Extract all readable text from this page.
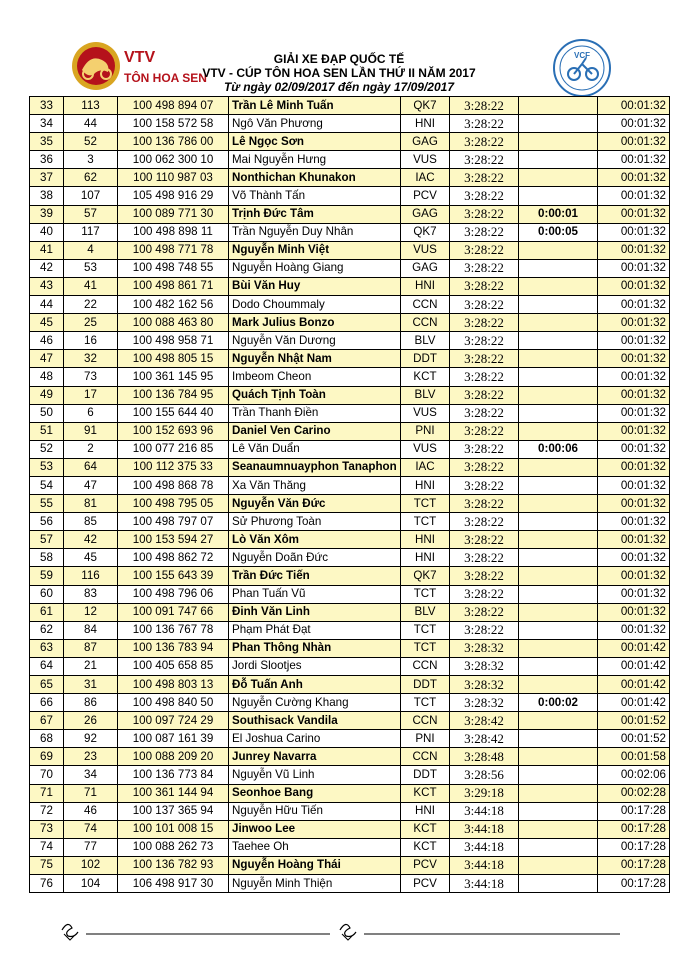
VTV
TÔN HOA SEN
GIẢI XE ĐẠP QUỐC TẾ
VTV - CÚP TÔN HOA SEN LẦN THỨ II NĂM 2017
Từ ngày 02/09/2017 đến ngày 17/09/2017
VCF
33	113	100 498 894 07	Trần Lê Minh Tuấn	QK7	3:28:22		00:01:32
34	44	100 158 572 58	Ngô Văn Phương	HNI	3:28:22		00:01:32
35	52	100 136 786 00	Lê Ngọc Sơn	GAG	3:28:22		00:01:32
36	3	100 062 300 10	Mai Nguyễn Hưng	VUS	3:28:22		00:01:32
37	62	100 110 987 03	Nonthichan Khunakon	IAC	3:28:22		00:01:32
38	107	105 498 916 29	Võ Thành Tấn	PCV	3:28:22		00:01:32
39	57	100 089 771 30	Trịnh Đức Tâm	GAG	3:28:22	0:00:01	00:01:32
40	117	100 498 898 11	Trần Nguyễn Duy Nhân	QK7	3:28:22	0:00:05	00:01:32
41	4	100 498 771 78	Nguyễn Minh Việt	VUS	3:28:22		00:01:32
42	53	100 498 748 55	Nguyễn Hoàng Giang	GAG	3:28:22		00:01:32
43	41	100 498 861 71	Bùi Văn Huy	HNI	3:28:22		00:01:32
44	22	100 482 162 56	Dodo Choummaly	CCN	3:28:22		00:01:32
45	25	100 088 463 80	Mark Julius Bonzo	CCN	3:28:22		00:01:32
46	16	100 498 958 71	Nguyễn Văn Dương	BLV	3:28:22		00:01:32
47	32	100 498 805 15	Nguyễn Nhật Nam	DDT	3:28:22		00:01:32
48	73	100 361 145 95	Imbeom Cheon	KCT	3:28:22		00:01:32
49	17	100 136 784 95	Quách Tịnh Toàn	BLV	3:28:22		00:01:32
50	6	100 155 644 40	Trần Thanh Điền	VUS	3:28:22		00:01:32
51	91	100 152 693 96	Daniel Ven Carino	PNI	3:28:22		00:01:32
52	2	100 077 216 85	Lê Văn Duẩn	VUS	3:28:22	0:00:06	00:01:32
53	64	100 112 375 33	Seanaumnuayphon Tanaphon	IAC	3:28:22		00:01:32
54	47	100 498 868 78	Xa Văn Thăng	HNI	3:28:22		00:01:32
55	81	100 498 795 05	Nguyễn Văn Đức	TCT	3:28:22		00:01:32
56	85	100 498 797 07	Sử Phương Toàn	TCT	3:28:22		00:01:32
57	42	100 153 594 27	Lò Văn Xôm	HNI	3:28:22		00:01:32
58	45	100 498 862 72	Nguyễn Doãn Đức	HNI	3:28:22		00:01:32
59	116	100 155 643 39	Trần Đức Tiến	QK7	3:28:22		00:01:32
60	83	100 498 796 06	Phan Tuấn Vũ	TCT	3:28:22		00:01:32
61	12	100 091 747 66	Đinh Văn Linh	BLV	3:28:22		00:01:32
62	84	100 136 767 78	Phạm Phát Đạt	TCT	3:28:22		00:01:32
63	87	100 136 783 94	Phan Thông Nhàn	TCT	3:28:32		00:01:42
64	21	100 405 658 85	Jordi Slootjes	CCN	3:28:32		00:01:42
65	31	100 498 803 13	Đỗ Tuấn Anh	DDT	3:28:32		00:01:42
66	86	100 498 840 50	Nguyễn Cường Khang	TCT	3:28:32	0:00:02	00:01:42
67	26	100 097 724 29	Southisack Vandila	CCN	3:28:42		00:01:52
68	92	100 087 161 39	El Joshua Carino	PNI	3:28:42		00:01:52
69	23	100 088 209 20	Junrey Navarra	CCN	3:28:48		00:01:58
70	34	100 136 773 84	Nguyễn Vũ Linh	DDT	3:28:56		00:02:06
71	71	100 361 144 94	Seonhoe Bang	KCT	3:29:18		00:02:28
72	46	100 137 365 94	Nguyễn Hữu Tiến	HNI	3:44:18		00:17:28
73	74	100 101 008 15	Jinwoo Lee	KCT	3:44:18		00:17:28
74	77	100 088 262 73	Taehee Oh	KCT	3:44:18		00:17:28
75	102	100 136 782 93	Nguyễn Hoàng Thái	PCV	3:44:18		00:17:28
76	104	106 498 917 30	Nguyễn Minh Thiện	PCV	3:44:18		00:17:28
